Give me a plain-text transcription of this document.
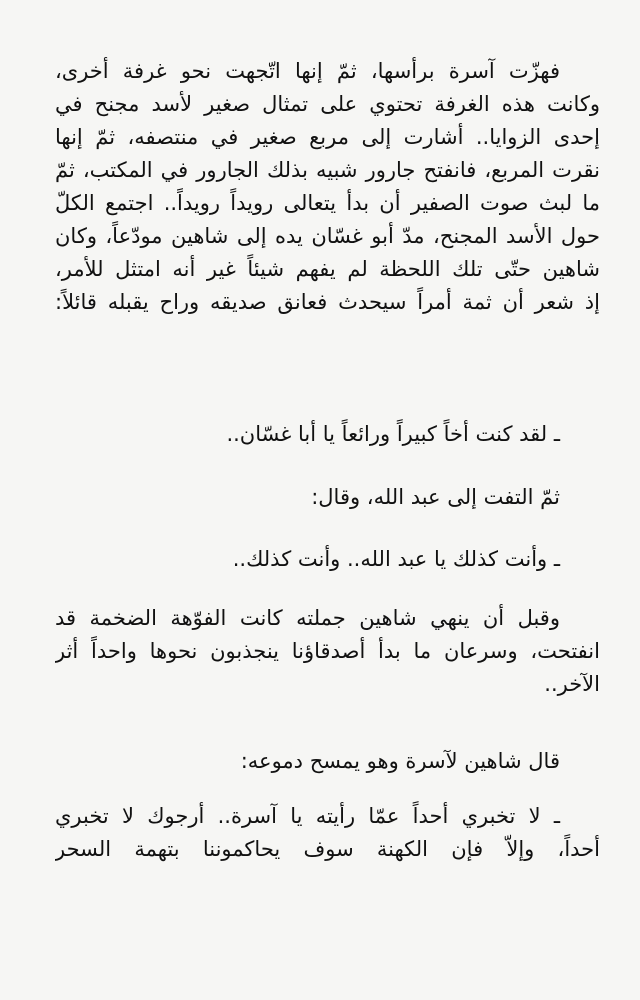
فهزّت آسرة برأسها، ثمّ إنها اتّجهت نحو غرفة أخرى،
وكانت هذه الغرفة تحتوي على تمثال صغير لأسد مجنح في
إحدى الزوايا.. أشارت إلى مربع صغير في منتصفه، ثمّ إنها
نقرت المربع، فانفتح جارور شبيه بذلك الجارور في المكتب، ثمّ
ما لبث صوت الصفير أن بدأ يتعالى رويداً رويداً.. اجتمع الكلّ
حول الأسد المجنح، مدّ أبو غسّان يده إلى شاهين مودّعاً، وكان
شاهين حتّى تلك اللحظة لم يفهم شيئاً غير أنه امتثل للأمر،
إذ شعر أن ثمة أمراً سيحدث فعانق صديقه وراح يقبله قائلاً:
ـ لقد كنت أخاً كبيراً ورائعاً يا أبا غسّان..
ثمّ التفت إلى عبد الله، وقال:
ـ وأنت كذلك يا عبد الله.. وأنت كذلك..
وقبل أن ينهي شاهين جملته كانت الفوّهة الضخمة قد
انفتحت، وسرعان ما بدأ أصدقاؤنا ينجذبون نحوها واحداً أثر
الآخر..
قال شاهين لآسرة وهو يمسح دموعه:
ـ لا تخبري أحداً عمّا رأيته يا آسرة.. أرجوك لا تخبري
أحداً، وإلاّ فإن الكهنة سوف يحاكموننا بتهمة السحر
